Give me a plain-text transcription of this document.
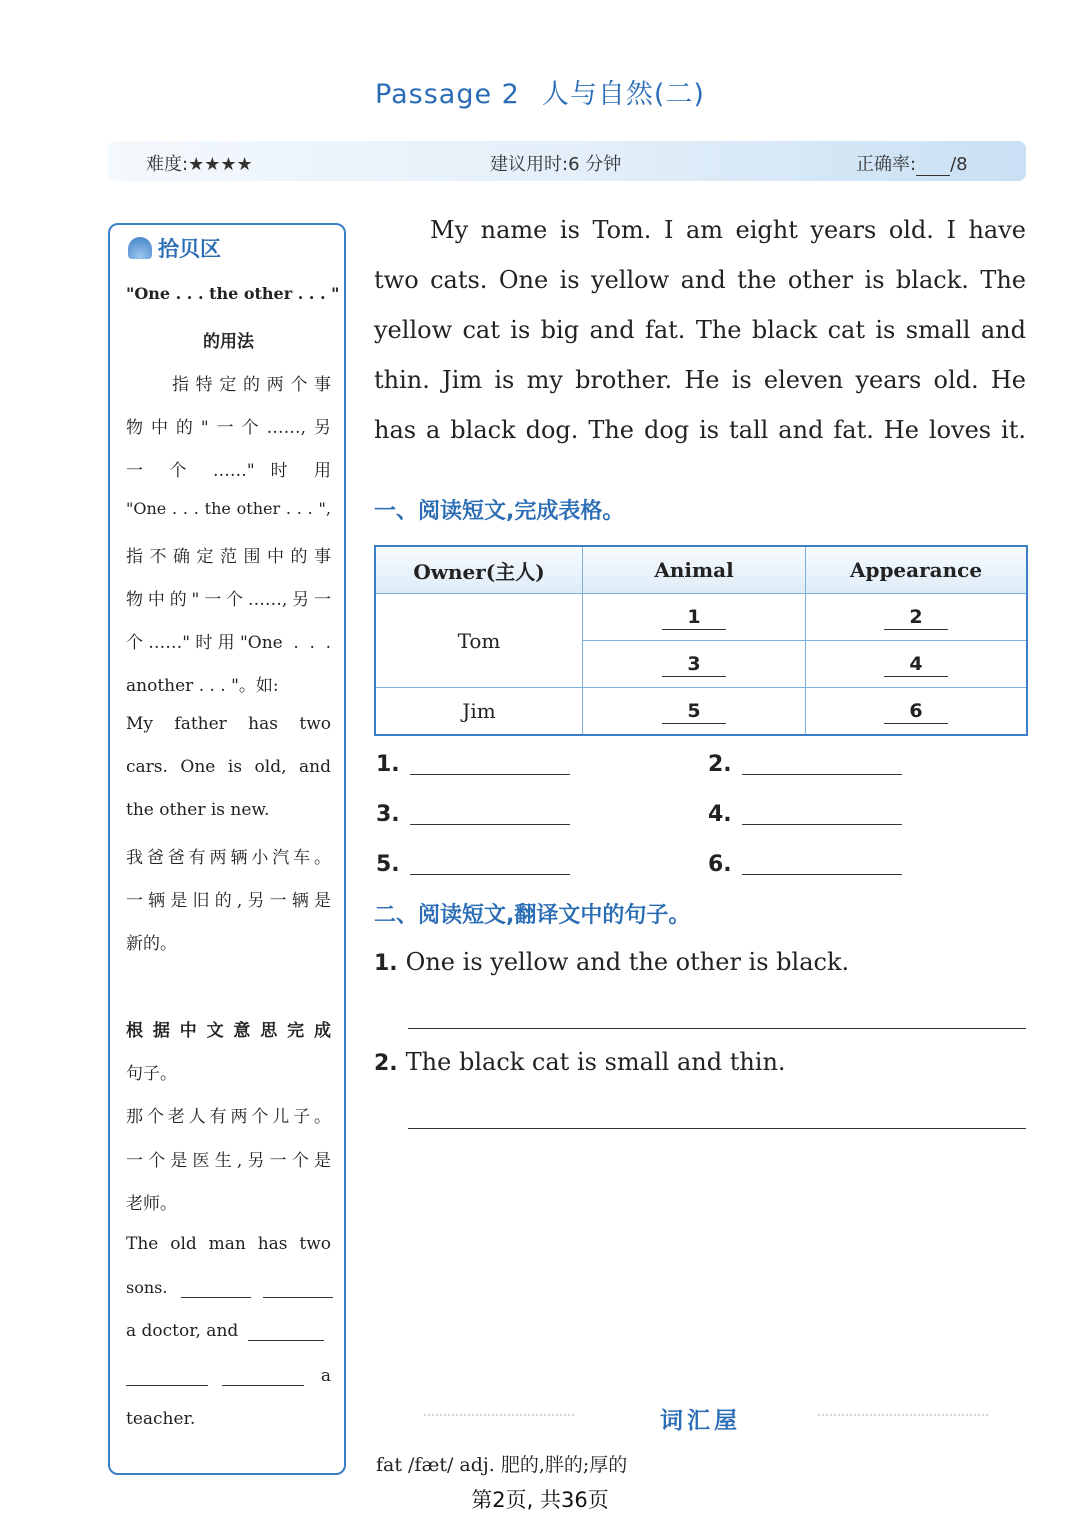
Passage 2 人与自然(二)
难度:★★★★	建议用时:6 分钟	正确率: /8
拾贝区
"One . . . the other . . . "
的用法
指特定的两个事
物中的"一个……,另
一 个 ……" 时 用
"One . . . the other . . . ",
指不确定范围中的事
物中的"一个……,另一
个……"时用"One . . .
another . . . "。如:
My father has two
cars. One is old, and
the other is new.
我爸爸有两辆小汽车。
一辆是旧的,另一辆是
新的。
根据中文意思完成
句子。
那个老人有两个儿子。
一个是医生,另一个是
老师。
The old man has two
sons.
a doctor, and
a
teacher.
My name is Tom. I am eight years old. I have
two cats. One is yellow and the other is black. The
yellow cat is big and fat. The black cat is small and
thin. Jim is my brother. He is eleven years old. He
has a black dog. The dog is tall and fat. He loves it.
一、阅读短文,完成表格。
Owner(主人)	Animal	Appearance
Tom	1	2
	3	4
Jim	5	6
1.	2.
3.	4.
5.	6.
二、阅读短文,翻译文中的句子。
1. One is yellow and the other is black.
2. The black cat is small and thin.
词汇屋
fat /fæt/ adj. 肥的,胖的;厚的
第2页, 共36页
